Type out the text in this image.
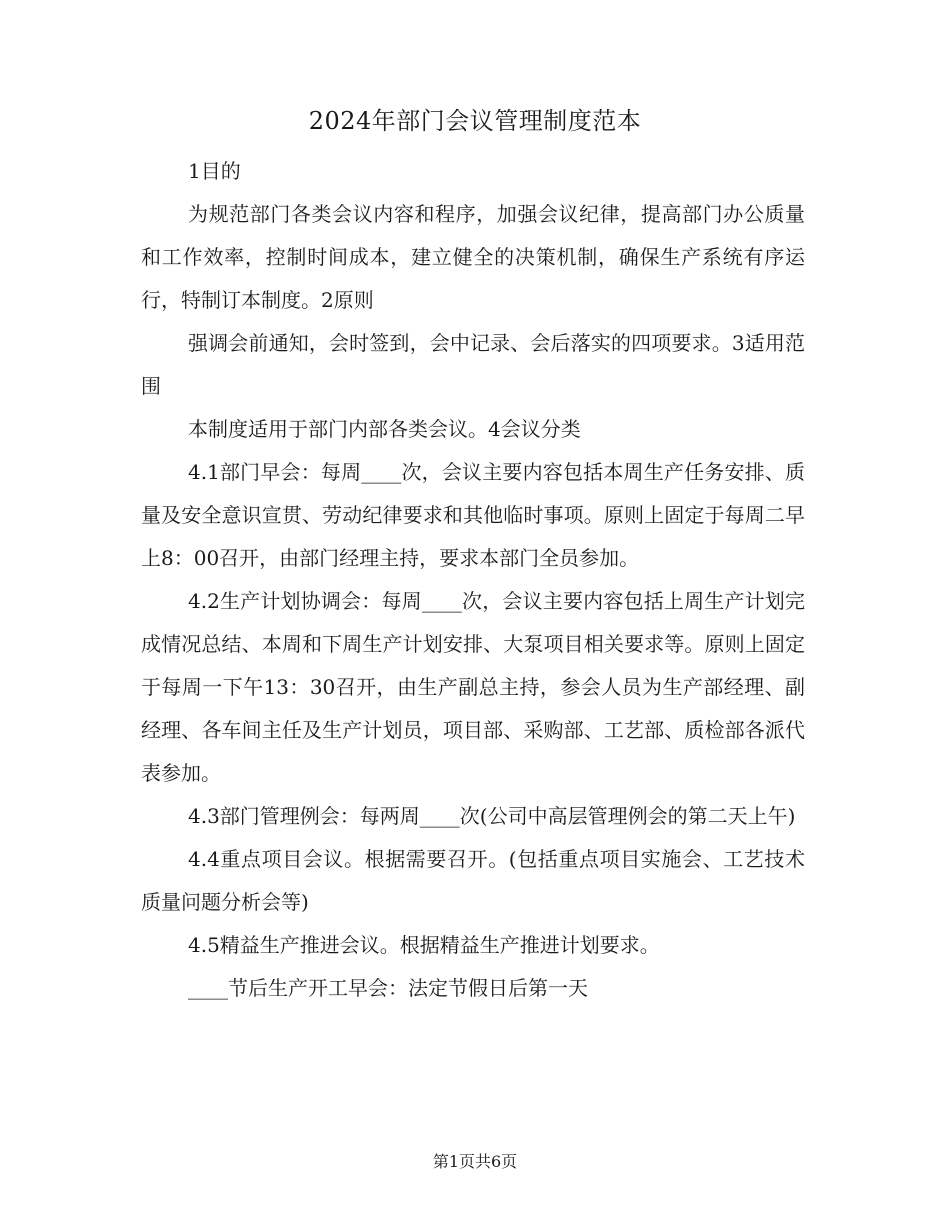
2024年部门会议管理制度范本

1目的

为规范部门各类会议内容和程序，加强会议纪律，提高部门办公质量和工作效率，控制时间成本，建立健全的决策机制，确保生产系统有序运行，特制订本制度。2原则

强调会前通知，会时签到，会中记录、会后落实的四项要求。3适用范围

本制度适用于部门内部各类会议。4会议分类

4.1部门早会：每周____次，会议主要内容包括本周生产任务安排、质量及安全意识宣贯、劳动纪律要求和其他临时事项。原则上固定于每周二早上8：00召开，由部门经理主持，要求本部门全员参加。

4.2生产计划协调会：每周____次，会议主要内容包括上周生产计划完成情况总结、本周和下周生产计划安排、大泵项目相关要求等。原则上固定于每周一下午13：30召开，由生产副总主持，参会人员为生产部经理、副经理、各车间主任及生产计划员，项目部、采购部、工艺部、质检部各派代表参加。

4.3部门管理例会：每两周____次(公司中高层管理例会的第二天上午)

4.4重点项目会议。根据需要召开。(包括重点项目实施会、工艺技术质量问题分析会等)

4.5精益生产推进会议。根据精益生产推进计划要求。

____节后生产开工早会：法定节假日后第一天

第1页共6页
